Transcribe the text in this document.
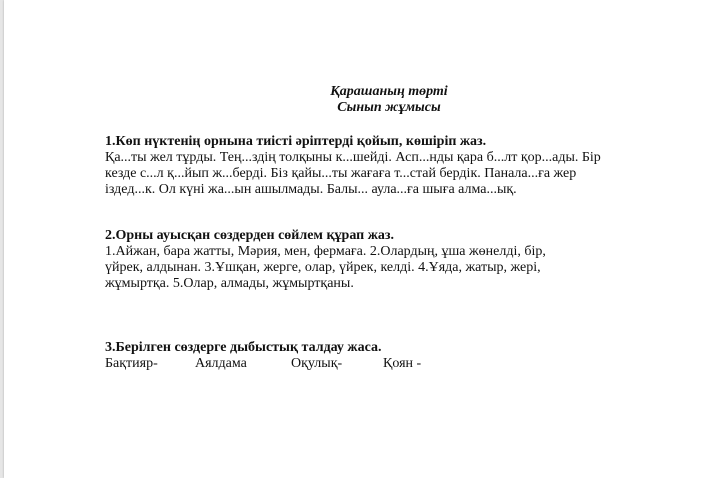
Қарашаның төрті
Сынып жұмысы
1.Көп нүктенің орнына тиісті әріптерді қойып, көшіріп жаз.
Қа...ты жел тұрды. Тең...здің толқыны к...шейді. Асп...нды қара б...лт қор...ады. Бір
кезде с...л қ...йып ж...берді. Біз қайы...ты жағаға т...стай бердік. Панала...ға жер
іздед...к. Ол күні жа...ын ашылмады. Балы... аула...ға шыға алма...ық.
2.Орны ауысқан сөздерден сөйлем құрап жаз.
1.Айжан, бара жатты, Мәрия, мен, фермаға. 2.Олардың, ұша жөнелді, бір,
үйрек, алдынан. 3.Ұшқан, жерге, олар, үйрек, келді. 4.Ұяда, жатыр, жері,
жұмыртқа. 5.Олар, алмады, жұмыртқаны.
3.Берілген сөздерге дыбыстық талдау жаса.
Бақтияр-	Аялдама	Оқулық-	Қоян -
